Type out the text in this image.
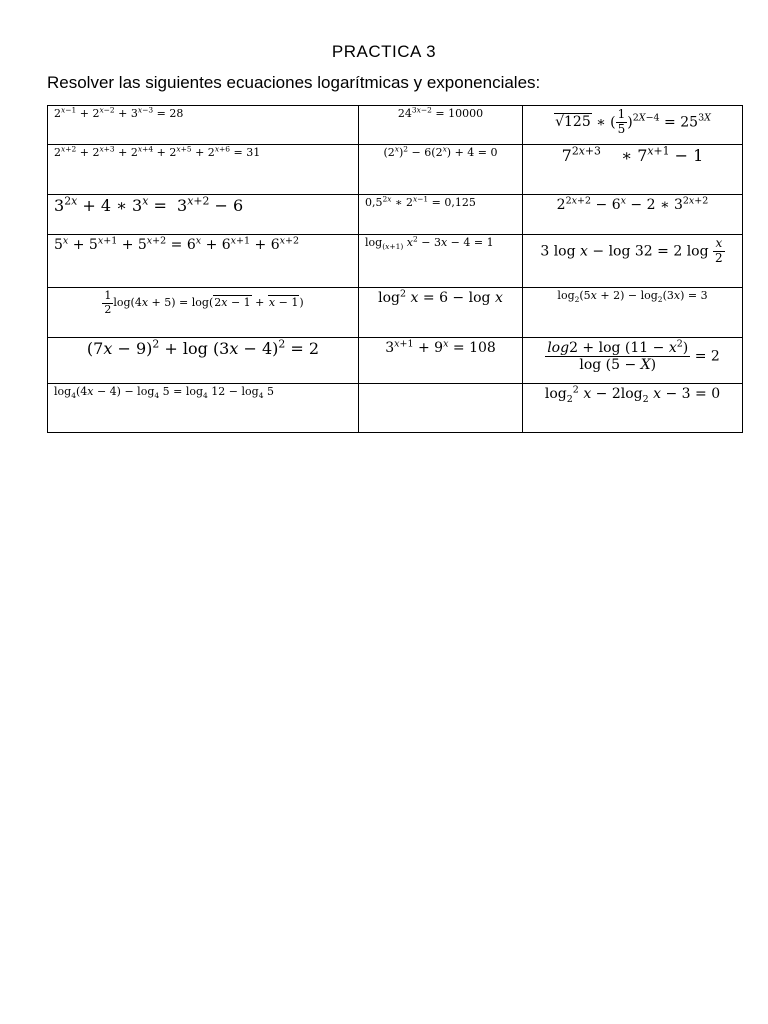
PRACTICA 3
Resolver las siguientes ecuaciones logarítmicas y exponenciales:
$2^{x-1} + 2^{x-2} + 3^{x-3} = 28$	$24^{3x-2} = 10000$	√125 ∗ ( $\frac{1}{5} )^{2X-4} = 25^{3X}$
$2^{x+2} + 2^{x+3} + 2^{x+4} + 2^{x+5} + 2^{x+6} = 31$	$(2^x)^2 - 6(2^x) + 4 = 0$	$7^{2x+3}$    ∗ $7^{x+1} - 1$
$3^{2x} + 4$ ∗ $3^x = 3^{x+2} - 6$	$0,5^{2x}$ ∗ $2^{x-1} = 0,125$	$2^{2x+2} - 6^x - 2$ ∗ $3^{2x+2}$
$5^x + 5^{x+1} + 5^{x+2} = 6^x + 6^{x+1} + 6^{x+2}$	$\log_{(x+1)} x^2 - 3x - 4 = 1$	3 log x − log 32 = 2 $\log \frac{x}{2}$

$\frac{1}{2} \log(4x + 5) = \log(2x - 1 + x - 1)$	$\log^2 x = 6 - \log x$	$\log_2(5x + 2) - \log_2(3x) = 3$
$(7x - 9)^2 + \log (3x - 4)^2 = 2$	$3^{x+1} + 9^x = 108$	$\frac{\log 2 + \log (11 - x^2)}{\log (5 - X)} = 2$
$\log_4(4x - 4) - \log_4 5 = \log_4 12 - \log_4 5$		$\log_2^2 x - 2\log_2$ x − 3 = 0
